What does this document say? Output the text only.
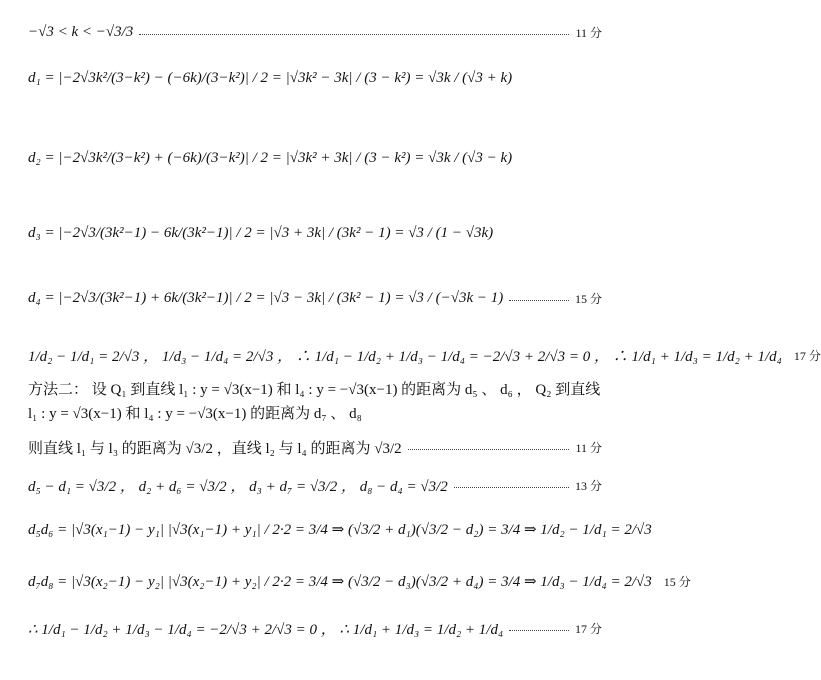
−√3 < k < −√3/3	11 分
d₁ = |−2√3k²/(3−k²) − (−6k)/(3−k²)| / 2 = |√3k² − 3k| / (3 − k²) = √3k / (√3 + k)
d₂ = |−2√3k²/(3−k²) + (−6k)/(3−k²)| / 2 = |√3k² + 3k| / (3 − k²) = √3k / (√3 − k)
d₃ = |−2√3/(3k²−1) − 6k/(3k²−1)| / 2 = |√3 + 3k| / (3k² − 1) = √3 / (1 − √3k)
d₄ = |−2√3/(3k²−1) + 6k/(3k²−1)| / 2 = |√3 − 3k| / (3k² − 1) = √3 / (−√3k − 1)	15 分
1/d₂ − 1/d₁ = 2/√3 ， 1/d₃ − 1/d₄ = 2/√3 ， ∴ 1/d₁ − 1/d₂ + 1/d₃ − 1/d₄ = −2/√3 + 2/√3 = 0 ， ∴ 1/d₁ + 1/d₃ = 1/d₂ + 1/d₄ 17 分
方法二： 设 Q₁ 到直线 l₁ : y = √3(x−1) 和 l₄ : y = −√3(x−1) 的距离为 d₅ 、 d₆ ， Q₂ 到直线
l₁ : y = √3(x−1) 和 l₄ : y = −√3(x−1) 的距离为 d₇ 、 d₈
则直线 l₁ 与 l₃ 的距离为 √3/2 ，直线 l₂ 与 l₄ 的距离为 √3/2	11 分
d₅ − d₁ = √3/2 ， d₂ + d₆ = √3/2 ， d₃ + d₇ = √3/2 ， d₈ − d₄ = √3/2	13 分
d₅d₆ = |√3(x₁−1) − y₁| |√3(x₁−1) + y₁| / 2·2 = 3/4 ⇒ (√3/2 + d₁)(√3/2 − d₂) = 3/4 ⇒ 1/d₂ − 1/d₁ = 2/√3
d₇d₈ = |√3(x₂−1) − y₂| |√3(x₂−1) + y₂| / 2·2 = 3/4 ⇒ (√3/2 − d₃)(√3/2 + d₄) = 3/4 ⇒ 1/d₃ − 1/d₄ = 2/√3 15 分
∴ 1/d₁ − 1/d₂ + 1/d₃ − 1/d₄ = −2/√3 + 2/√3 = 0 ， ∴ 1/d₁ + 1/d₃ = 1/d₂ + 1/d₄	17 分
